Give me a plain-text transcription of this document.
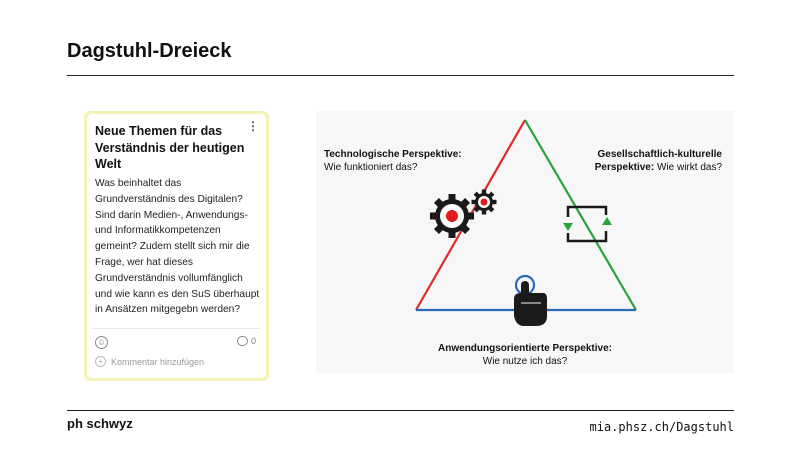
Dagstuhl-Dreieck
⋮
Neue Themen für das Verständnis der heutigen Welt
Was beinhaltet das Grundverständnis des Digitalen? Sind darin Medien-, Anwendungs- und Informatikkompetenzen gemeint? Zudem stellt sich mir die Frage, wer hat dieses Grundverständnis vollumfänglich und wie kann es den SuS überhaupt in Ansätzen mitgegebn werden?
☺	0
+ Kommentar hinzufügen
Technologische Perspektive:
Wie funktioniert das?
Gesellschaftlich-kulturelle
Perspektive: Wie wirkt das?
Anwendungsorientierte Perspektive:
Wie nutze ich das?
ph schwyz	mia.phsz.ch/Dagstuhl
